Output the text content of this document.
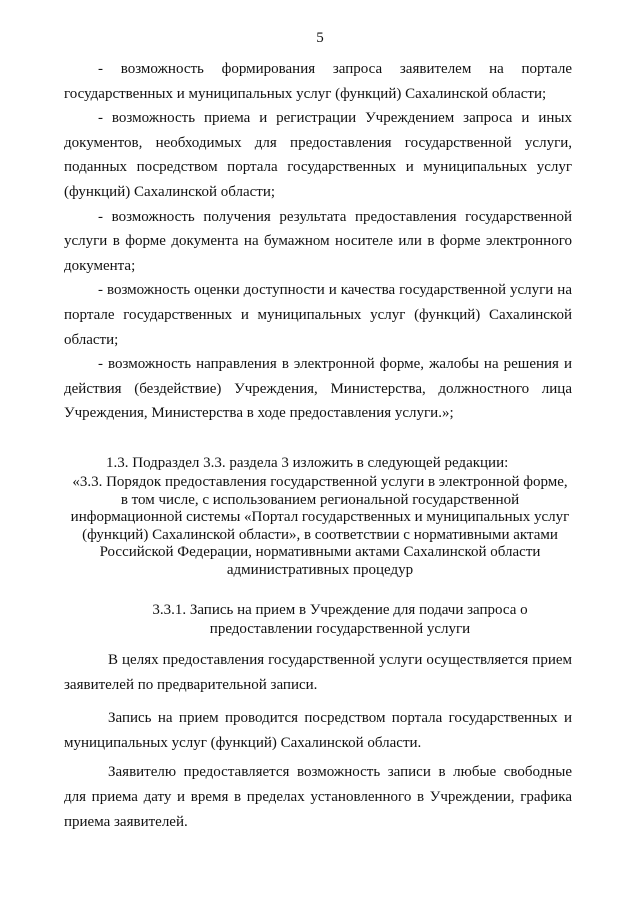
5

- возможность формирования запроса заявителем на портале государственных и муниципальных услуг (функций) Сахалинской области;

- возможность приема и регистрации Учреждением запроса и иных документов, необходимых для предоставления государственной услуги, поданных посредством портала государственных и муниципальных услуг (функций) Сахалинской области;

- возможность получения результата предоставления государственной услуги в форме документа на бумажном носителе или в форме электронного документа;

- возможность оценки доступности и качества государственной услуги на портале государственных и муниципальных услуг (функций) Сахалинской области;

- возможность направления в электронной форме, жалобы на решения и действия (бездействие) Учреждения, Министерства, должностного лица Учреждения, Министерства в ходе предоставления услуги.»;

1.3. Подраздел 3.3. раздела 3 изложить в следующей редакции:
«3.3. Порядок предоставления государственной услуги в электронной форме, в том числе, с использованием региональной государственной информационной системы «Портал государственных и муниципальных услуг (функций) Сахалинской области», в соответствии с нормативными актами Российской Федерации, нормативными актами Сахалинской области административных процедур
3.3.1. Запись на прием в Учреждение для подачи запроса о предоставлении государственной услуги

В целях предоставления государственной услуги осуществляется прием заявителей по предварительной записи.

Запись на прием проводится посредством портала государственных и муниципальных услуг (функций) Сахалинской области.

Заявителю предоставляется возможность записи в любые свободные для приема дату и время в пределах установленного в Учреждении, графика приема заявителей.
